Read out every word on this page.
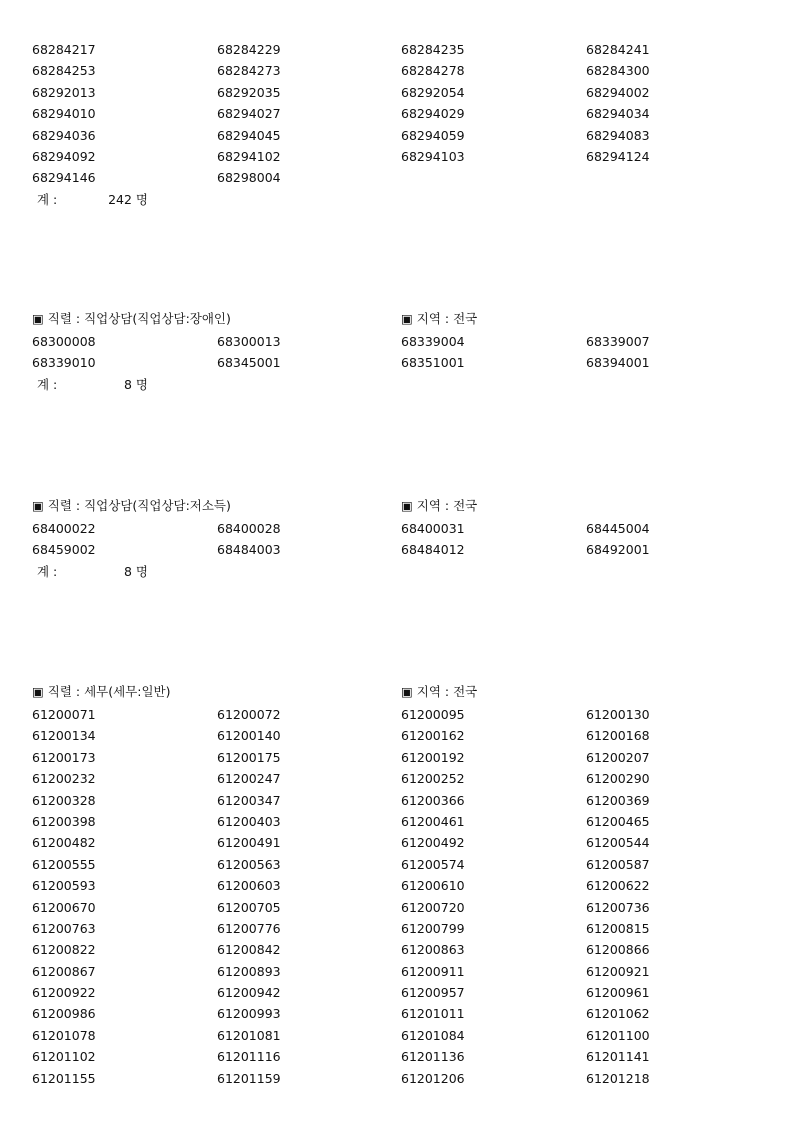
68284217	68284229	68284235	68284241
68284253	68284273	68284278	68284300
68292013	68292035	68292054	68294002
68294010	68294027	68294029	68294034
68294036	68294045	68294059	68294083
68294092	68294102	68294103	68294124
68294146	68298004
계 :	242 명
▣ 직렬 : 직업상담(직업상담:장애인)	▣ 지역 : 전국
68300008	68300013	68339004	68339007
68339010	68345001	68351001	68394001
계 :	8 명
▣ 직렬 : 직업상담(직업상담:저소득)	▣ 지역 : 전국
68400022	68400028	68400031	68445004
68459002	68484003	68484012	68492001
계 :	8 명
▣ 직렬 : 세무(세무:일반)	▣ 지역 : 전국
61200071	61200072	61200095	61200130
61200134	61200140	61200162	61200168
61200173	61200175	61200192	61200207
61200232	61200247	61200252	61200290
61200328	61200347	61200366	61200369
61200398	61200403	61200461	61200465
61200482	61200491	61200492	61200544
61200555	61200563	61200574	61200587
61200593	61200603	61200610	61200622
61200670	61200705	61200720	61200736
61200763	61200776	61200799	61200815
61200822	61200842	61200863	61200866
61200867	61200893	61200911	61200921
61200922	61200942	61200957	61200961
61200986	61200993	61201011	61201062
61201078	61201081	61201084	61201100
61201102	61201116	61201136	61201141
61201155	61201159	61201206	61201218
